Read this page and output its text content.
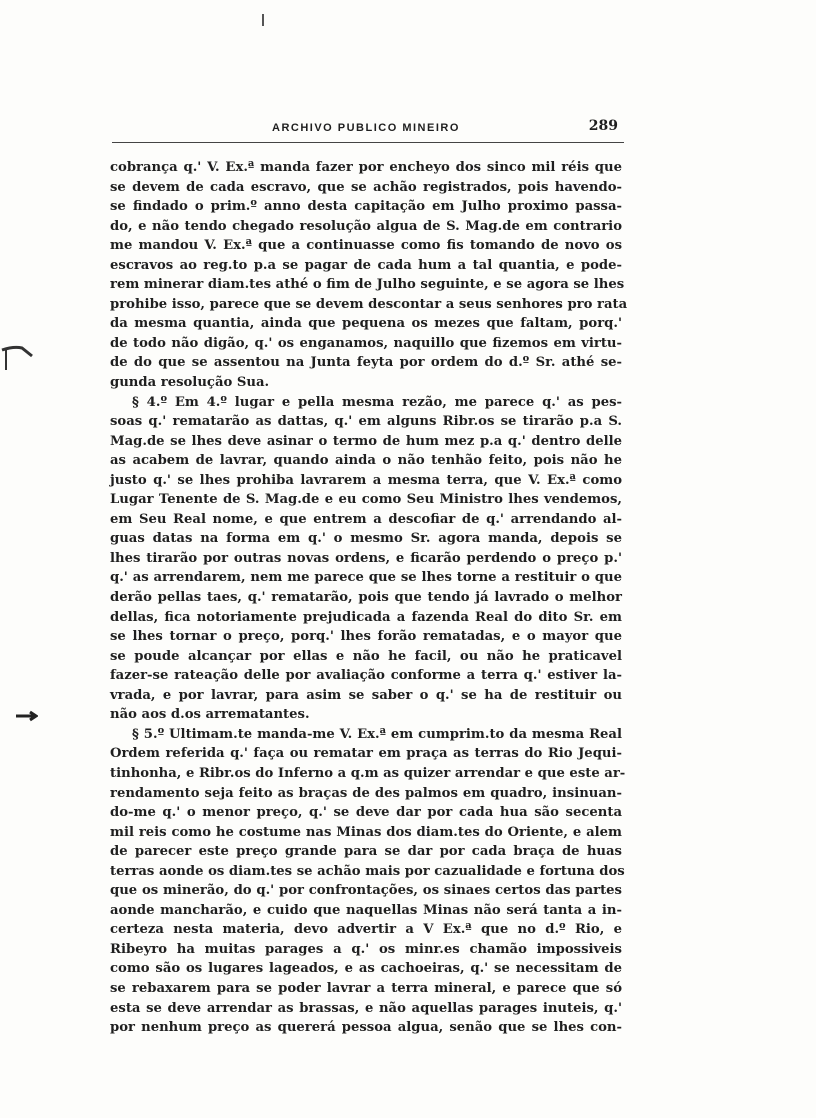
ARCHIVO PUBLICO MINEIRO	289
cobrança q.' V. Ex.ª manda fazer por encheyo dos sinco mil réis que
se devem de cada escravo, que se achão registrados, pois havendo-
se findado o prim.º anno desta capitação em Julho proximo passa-
do, e não tendo chegado resolução algua de S. Mag.de em contrario
me mandou V. Ex.ª que a continuasse como fis tomando de novo os
escravos ao reg.to p.a se pagar de cada hum a tal quantia, e pode-
rem minerar diam.tes athé o fim de Julho seguinte, e se agora se lhes
prohibe isso, parece que se devem descontar a seus senhores pro rata
da mesma quantia, ainda que pequena os mezes que faltam, porq.'
de todo não digão, q.' os enganamos, naquillo que fizemos em virtu-
de do que se assentou na Junta feyta por ordem do d.º Sr. athé se-
gunda resolução Sua.
§ 4.º Em 4.º lugar e pella mesma rezão, me parece q.' as pes-
soas q.' rematarão as dattas, q.' em alguns Ribr.os se tirarão p.a S.
Mag.de se lhes deve asinar o termo de hum mez p.a q.' dentro delle
as acabem de lavrar, quando ainda o não tenhão feito, pois não he
justo q.' se lhes prohiba lavrarem a mesma terra, que V. Ex.ª como
Lugar Tenente de S. Mag.de e eu como Seu Ministro lhes vendemos,
em Seu Real nome, e que entrem a descofiar de q.' arrendando al-
guas datas na forma em q.' o mesmo Sr. agora manda, depois se
lhes tirarão por outras novas ordens, e ficarão perdendo o preço p.'
q.' as arrendarem, nem me parece que se lhes torne a restituir o que
derão pellas taes, q.' rematarão, pois que tendo já lavrado o melhor
dellas, fica notoriamente prejudicada a fazenda Real do dito Sr. em
se lhes tornar o preço, porq.' lhes forão rematadas, e o mayor que
se poude alcançar por ellas e não he facil, ou não he praticavel
fazer-se rateação delle por avaliação conforme a terra q.' estiver la-
vrada, e por lavrar, para asim se saber o q.' se ha de restituir ou
não aos d.os arrematantes.
§ 5.º Ultimam.te manda-me V. Ex.ª em cumprim.to da mesma Real
Ordem referida q.' faça ou rematar em praça as terras do Rio Jequi-
tinhonha, e Ribr.os do Inferno a q.m as quizer arrendar e que este ar-
rendamento seja feito as braças de des palmos em quadro, insinuan-
do-me q.' o menor preço, q.' se deve dar por cada hua são secenta
mil reis como he costume nas Minas dos diam.tes do Oriente, e alem
de parecer este preço grande para se dar por cada braça de huas
terras aonde os diam.tes se achão mais por cazualidade e fortuna dos
que os minerão, do q.' por confrontações, os sinaes certos das partes
aonde mancharão, e cuido que naquellas Minas não será tanta a in-
certeza nesta materia, devo advertir a V Ex.ª que no d.º Rio, e
Ribeyro ha muitas parages a q.' os minr.es chamão impossiveis
como são os lugares lageados, e as cachoeiras, q.' se necessitam de
se rebaxarem para se poder lavrar a terra mineral, e parece que só
esta se deve arrendar as brassas, e não aquellas parages inuteis, q.'
por nenhum preço as quererá pessoa algua, senão que se lhes con-
